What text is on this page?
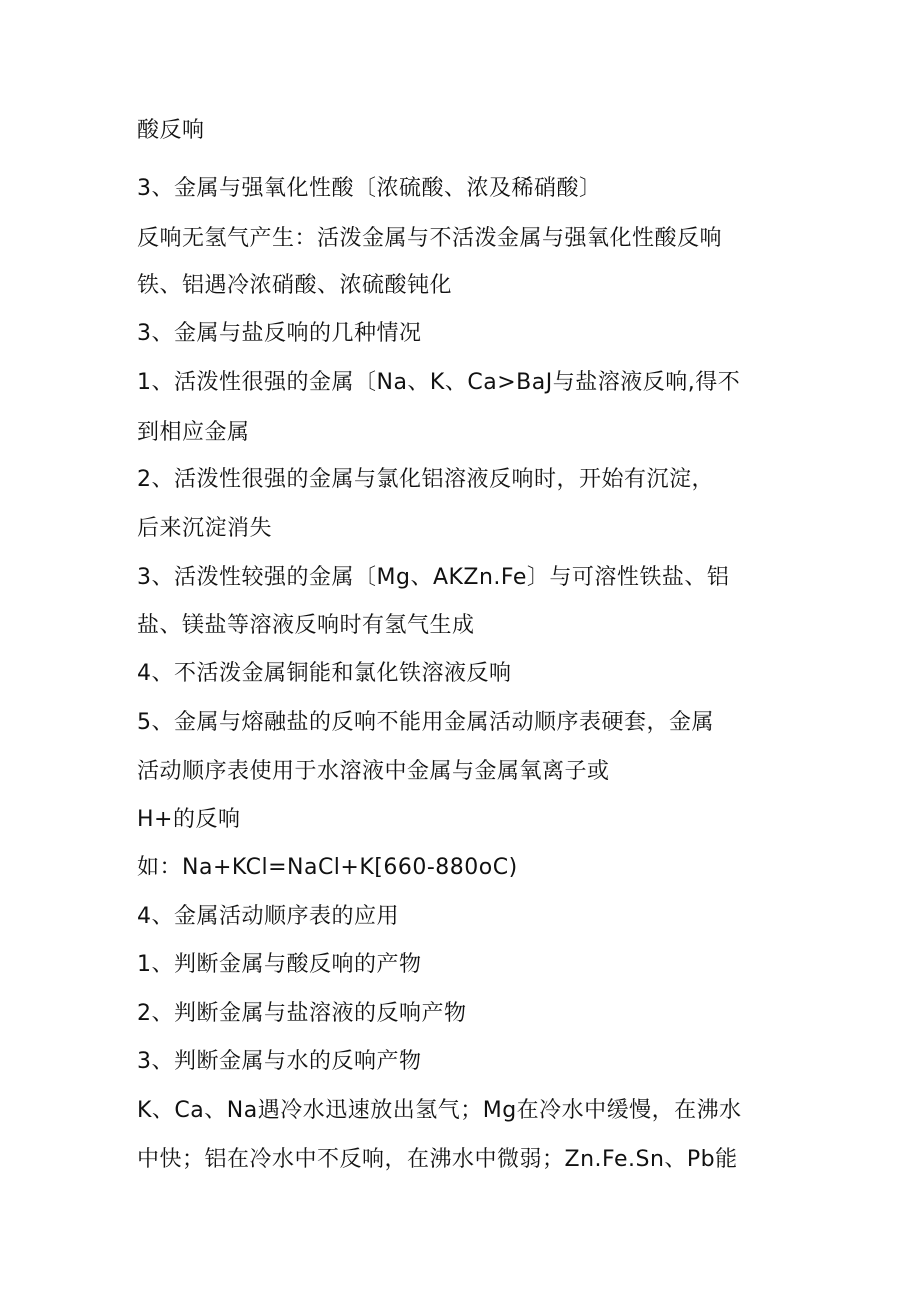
酸反响

3、金属与强氧化性酸〔浓硫酸、浓及稀硝酸〕

反响无氢气产生：活泼金属与不活泼金属与强氧化性酸反响

铁、铝遇冷浓硝酸、浓硫酸钝化

3、金属与盐反响的几种情况

1、活泼性很强的金属〔Na、K、Ca>BaJ与盐溶液反响,得不

到相应金属

2、活泼性很强的金属与氯化铝溶液反响时，开始有沉淀，

后来沉淀消失

3、活泼性较强的金属〔Mg、AKZn.Fe〕与可溶性铁盐、铝

盐、镁盐等溶液反响时有氢气生成

4、不活泼金属铜能和氯化铁溶液反响

5、金属与熔融盐的反响不能用金属活动顺序表硬套，金属

活动顺序表使用于水溶液中金属与金属氧离子或

H+的反响

如：Na+KCl=NaCl+K[660-880oC)

4、金属活动顺序表的应用

1、判断金属与酸反响的产物

2、判断金属与盐溶液的反响产物

3、判断金属与水的反响产物

K、Ca、Na遇冷水迅速放出氢气；Mg在冷水中缓慢，在沸水

中快；铝在冷水中不反响，在沸水中微弱；Zn.Fe.Sn、Pb能
